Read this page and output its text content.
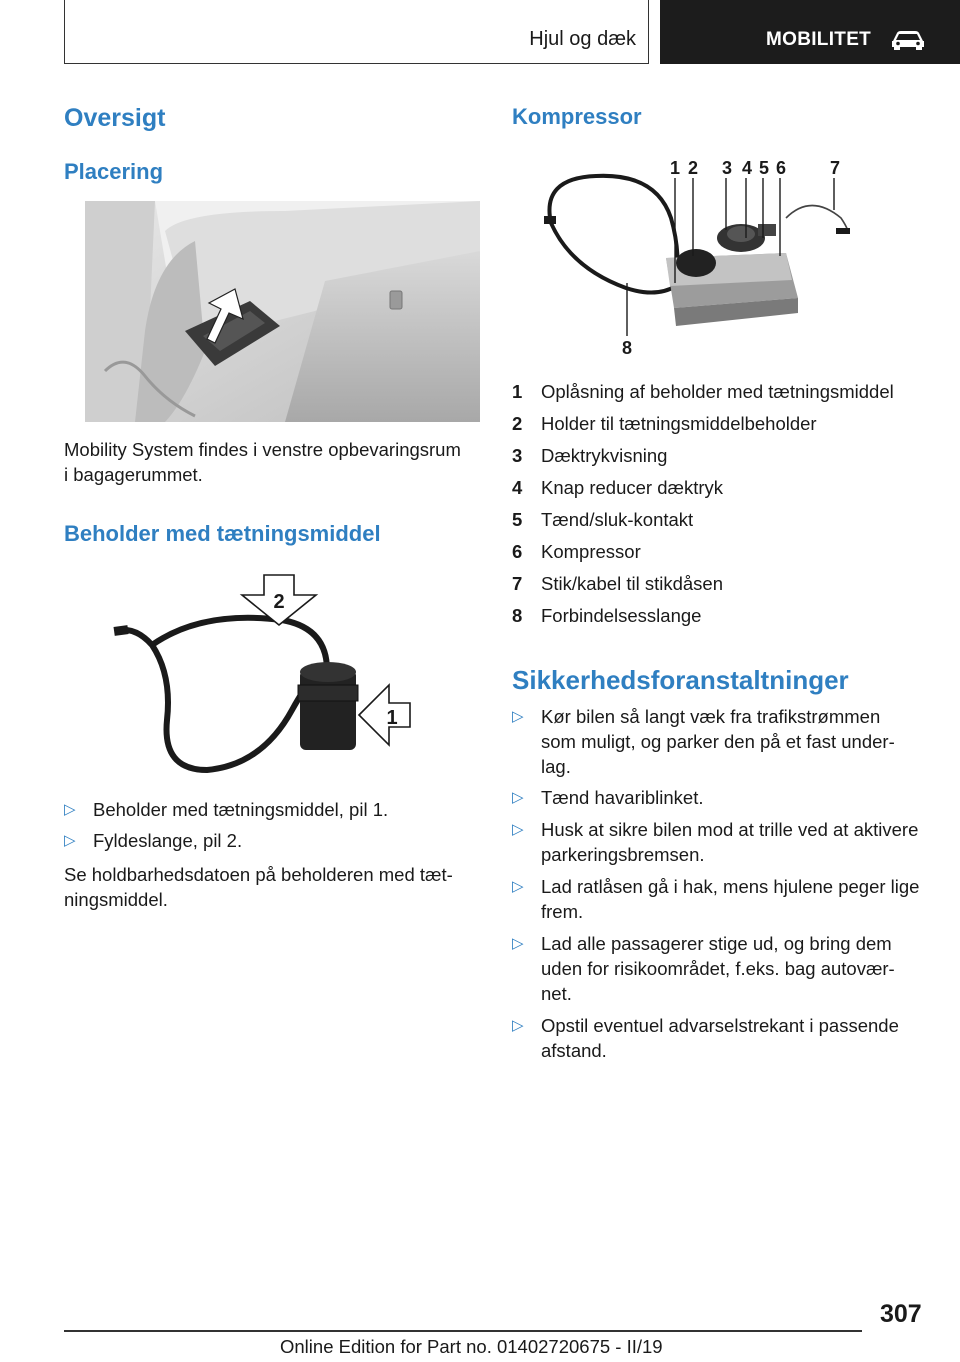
Hjul og dæk	MOBILITET
Oversigt
Placering
Mobility System findes i venstre opbevaringsrum
i bagagerummet.
Beholder med tætningsmiddel
2
1
▷ Beholder med tætningsmiddel, pil 1.
▷ Fyldeslange, pil 2.
Se holdbarhedsdatoen på beholderen med tæt‐
ningsmiddel.
Kompressor
1 2 3 4 5 6 7
8
1	Oplåsning af beholder med tætningsmiddel
2	Holder til tætningsmiddelbeholder
3	Dæktrykvisning
4	Knap reducer dæktryk
5	Tænd/sluk-kontakt
6	Kompressor
7	Stik/kabel til stikdåsen
8	Forbindelsesslange
Sikkerhedsforanstaltninger
▷ Kør bilen så langt væk fra trafikstrømmen
som muligt, og parker den på et fast under‐
lag.
▷ Tænd havariblinket.
▷ Husk at sikre bilen mod at trille ved at aktivere
parkeringsbremsen.
▷ Lad ratlåsen gå i hak, mens hjulene peger lige
frem.
▷ Lad alle passagerer stige ud, og bring dem
uden for risikoområdet, f.eks. bag autovær‐
net.
▷ Opstil eventuel advarselstrekant i passende
afstand.
307
Online Edition for Part no. 01402720675 - II/19
